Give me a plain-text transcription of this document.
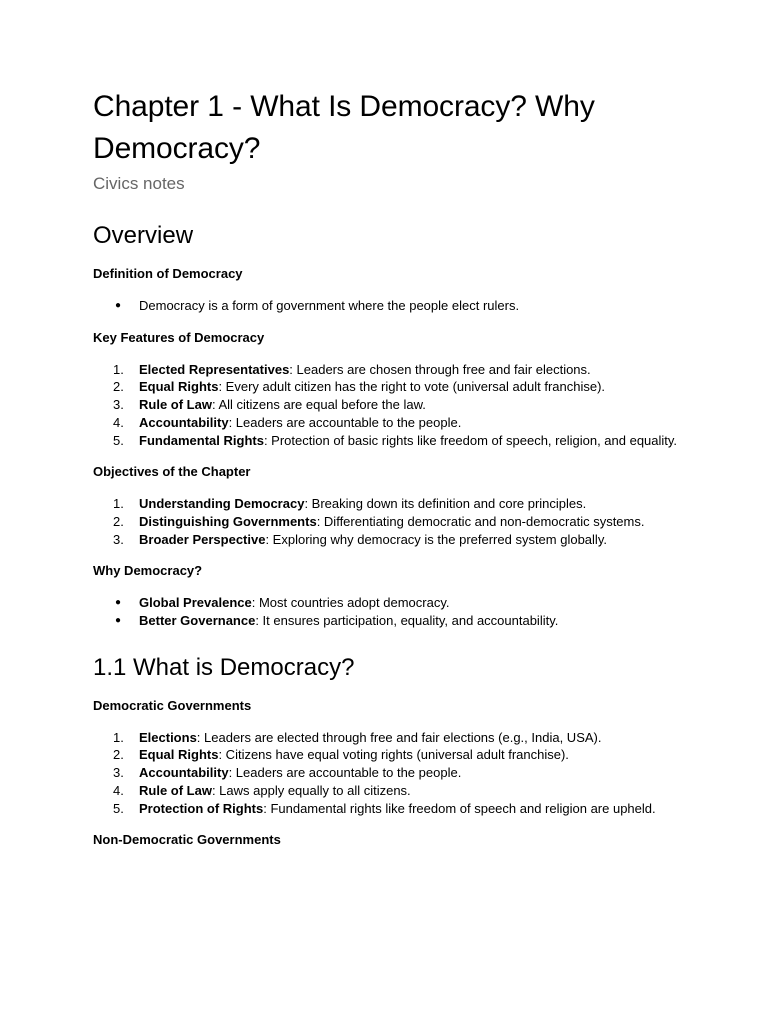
Chapter 1 - What Is Democracy? Why Democracy?
Civics notes
Overview
Definition of Democracy
● Democracy is a form of government where the people elect rulers.
Key Features of Democracy
1. Elected Representatives: Leaders are chosen through free and fair elections.
2. Equal Rights: Every adult citizen has the right to vote (universal adult franchise).
3. Rule of Law: All citizens are equal before the law.
4. Accountability: Leaders are accountable to the people.
5. Fundamental Rights: Protection of basic rights like freedom of speech, religion, and equality.
Objectives of the Chapter
1. Understanding Democracy: Breaking down its definition and core principles.
2. Distinguishing Governments: Differentiating democratic and non-democratic systems.
3. Broader Perspective: Exploring why democracy is the preferred system globally.
Why Democracy?
● Global Prevalence: Most countries adopt democracy.
● Better Governance: It ensures participation, equality, and accountability.
1.1 What is Democracy?
Democratic Governments
1. Elections: Leaders are elected through free and fair elections (e.g., India, USA).
2. Equal Rights: Citizens have equal voting rights (universal adult franchise).
3. Accountability: Leaders are accountable to the people.
4. Rule of Law: Laws apply equally to all citizens.
5. Protection of Rights: Fundamental rights like freedom of speech and religion are upheld.
Non-Democratic Governments
